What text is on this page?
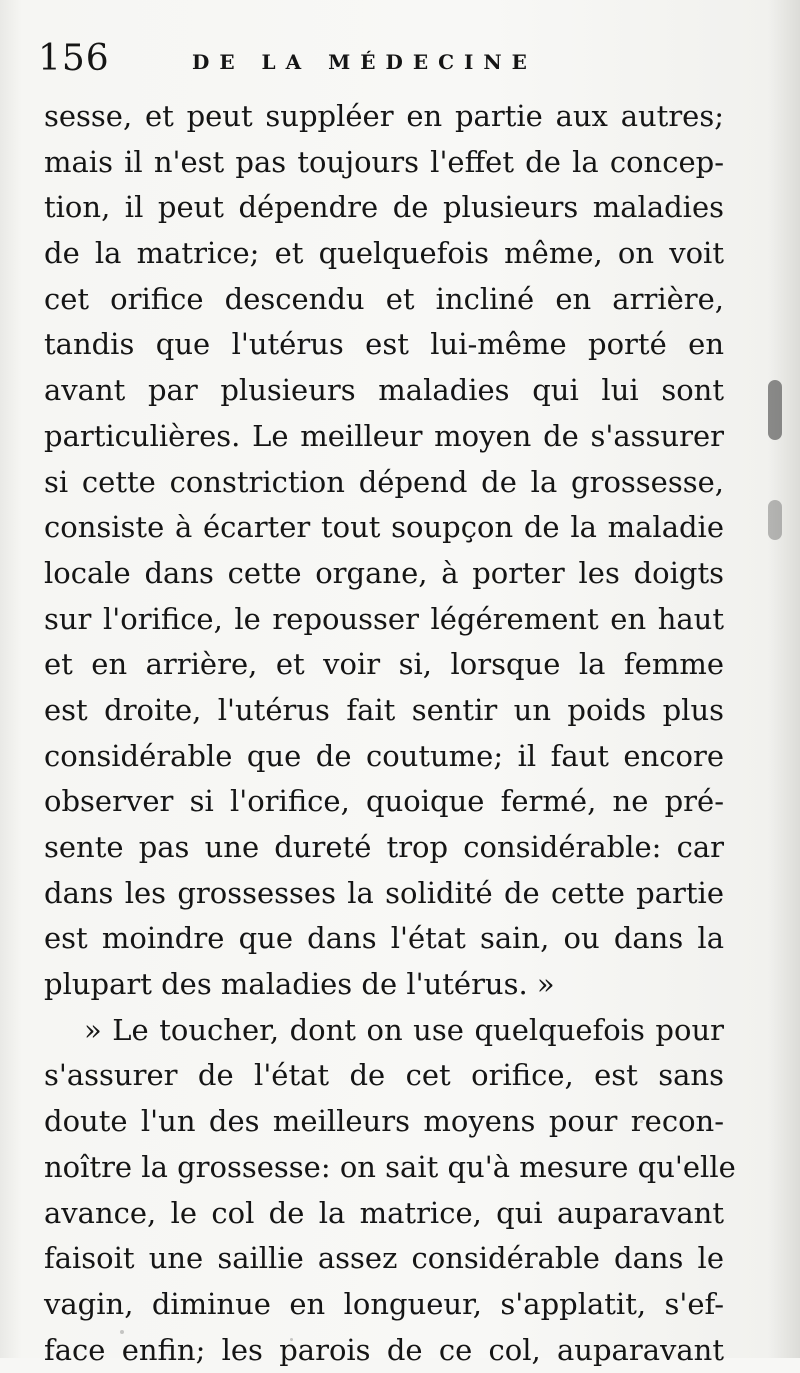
156	DE LA MÉDECINE
sesse, et peut suppléer en partie aux autres;
mais il n'est pas toujours l'effet de la concep-
tion, il peut dépendre de plusieurs maladies
de la matrice; et quelquefois même, on voit
cet orifice descendu et incliné en arrière,
tandis que l'utérus est lui-même porté en
avant par plusieurs maladies qui lui sont
particulières. Le meilleur moyen de s'assurer
si cette constriction dépend de la grossesse,
consiste à écarter tout soupçon de la maladie
locale dans cette organe, à porter les doigts
sur l'orifice, le repousser légérement en haut
et en arrière, et voir si, lorsque la femme
est droite, l'utérus fait sentir un poids plus
considérable que de coutume; il faut encore
observer si l'orifice, quoique fermé, ne pré-
sente pas une dureté trop considérable: car
dans les grossesses la solidité de cette partie
est moindre que dans l'état sain, ou dans la
plupart des maladies de l'utérus. »
» Le toucher, dont on use quelquefois pour
s'assurer de l'état de cet orifice, est sans
doute l'un des meilleurs moyens pour recon-
noître la grossesse: on sait qu'à mesure qu'elle
avance, le col de la matrice, qui auparavant
faisoit une saillie assez considérable dans le
vagin, diminue en longueur, s'applatit, s'ef-
face enfin; les parois de ce col, auparavant
